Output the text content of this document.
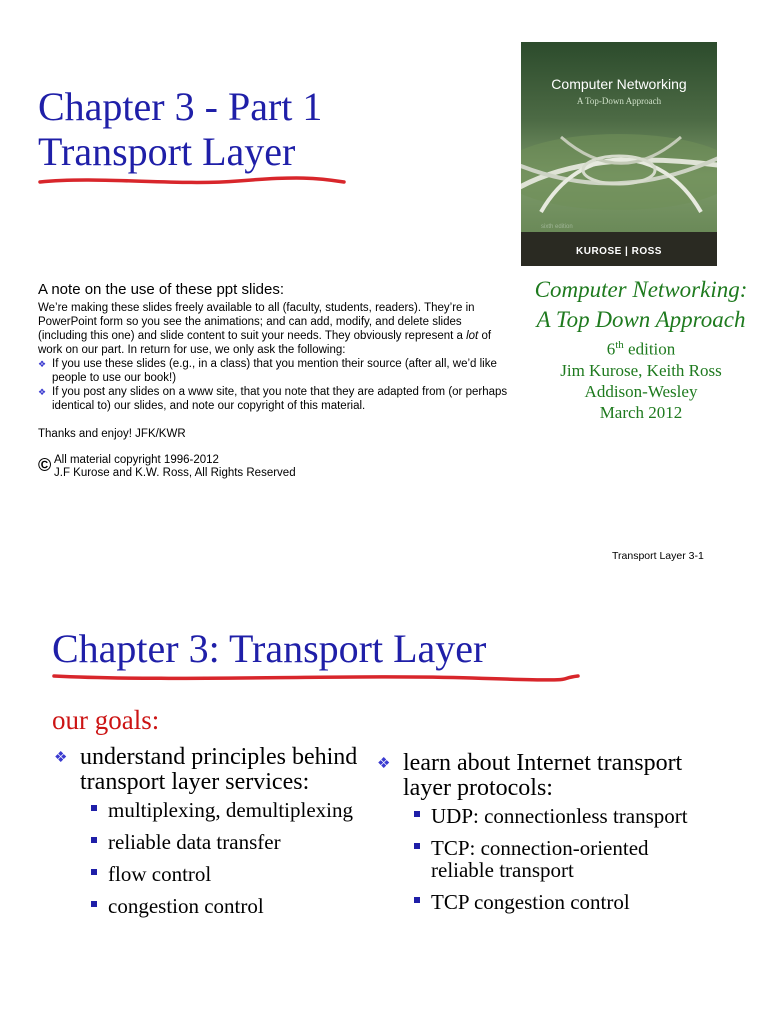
Chapter 3 - Part 1
Transport Layer
Computer Networking
A Top-Down Approach
sixth edition
KUROSE | ROSS
Computer Networking: A Top Down Approach
6th edition
Jim Kurose, Keith Ross
Addison-Wesley
March 2012
A note on the use of these ppt slides:
We’re making these slides freely available to all (faculty, students, readers). They’re in PowerPoint form so you see the animations; and can add, modify, and delete slides (including this one) and slide content to suit your needs. They obviously represent a lot of work on our part. In return for use, we only ask the following:
❖ If you use these slides (e.g., in a class) that you mention their source (after all, we’d like people to use our book!)
❖ If you post any slides on a www site, that you note that they are adapted from (or perhaps identical to) our slides, and note our copyright of this material.
Thanks and enjoy! JFK/KWR
© All material copyright 1996-2012
J.F Kurose and K.W. Ross, All Rights Reserved
Transport Layer 3-1
Chapter 3: Transport Layer
our goals:
❖ understand principles behind transport layer services:
multiplexing, demultiplexing
reliable data transfer
flow control
congestion control
❖ learn about Internet transport layer protocols:
UDP: connectionless transport
TCP: connection-oriented reliable transport
TCP congestion control
